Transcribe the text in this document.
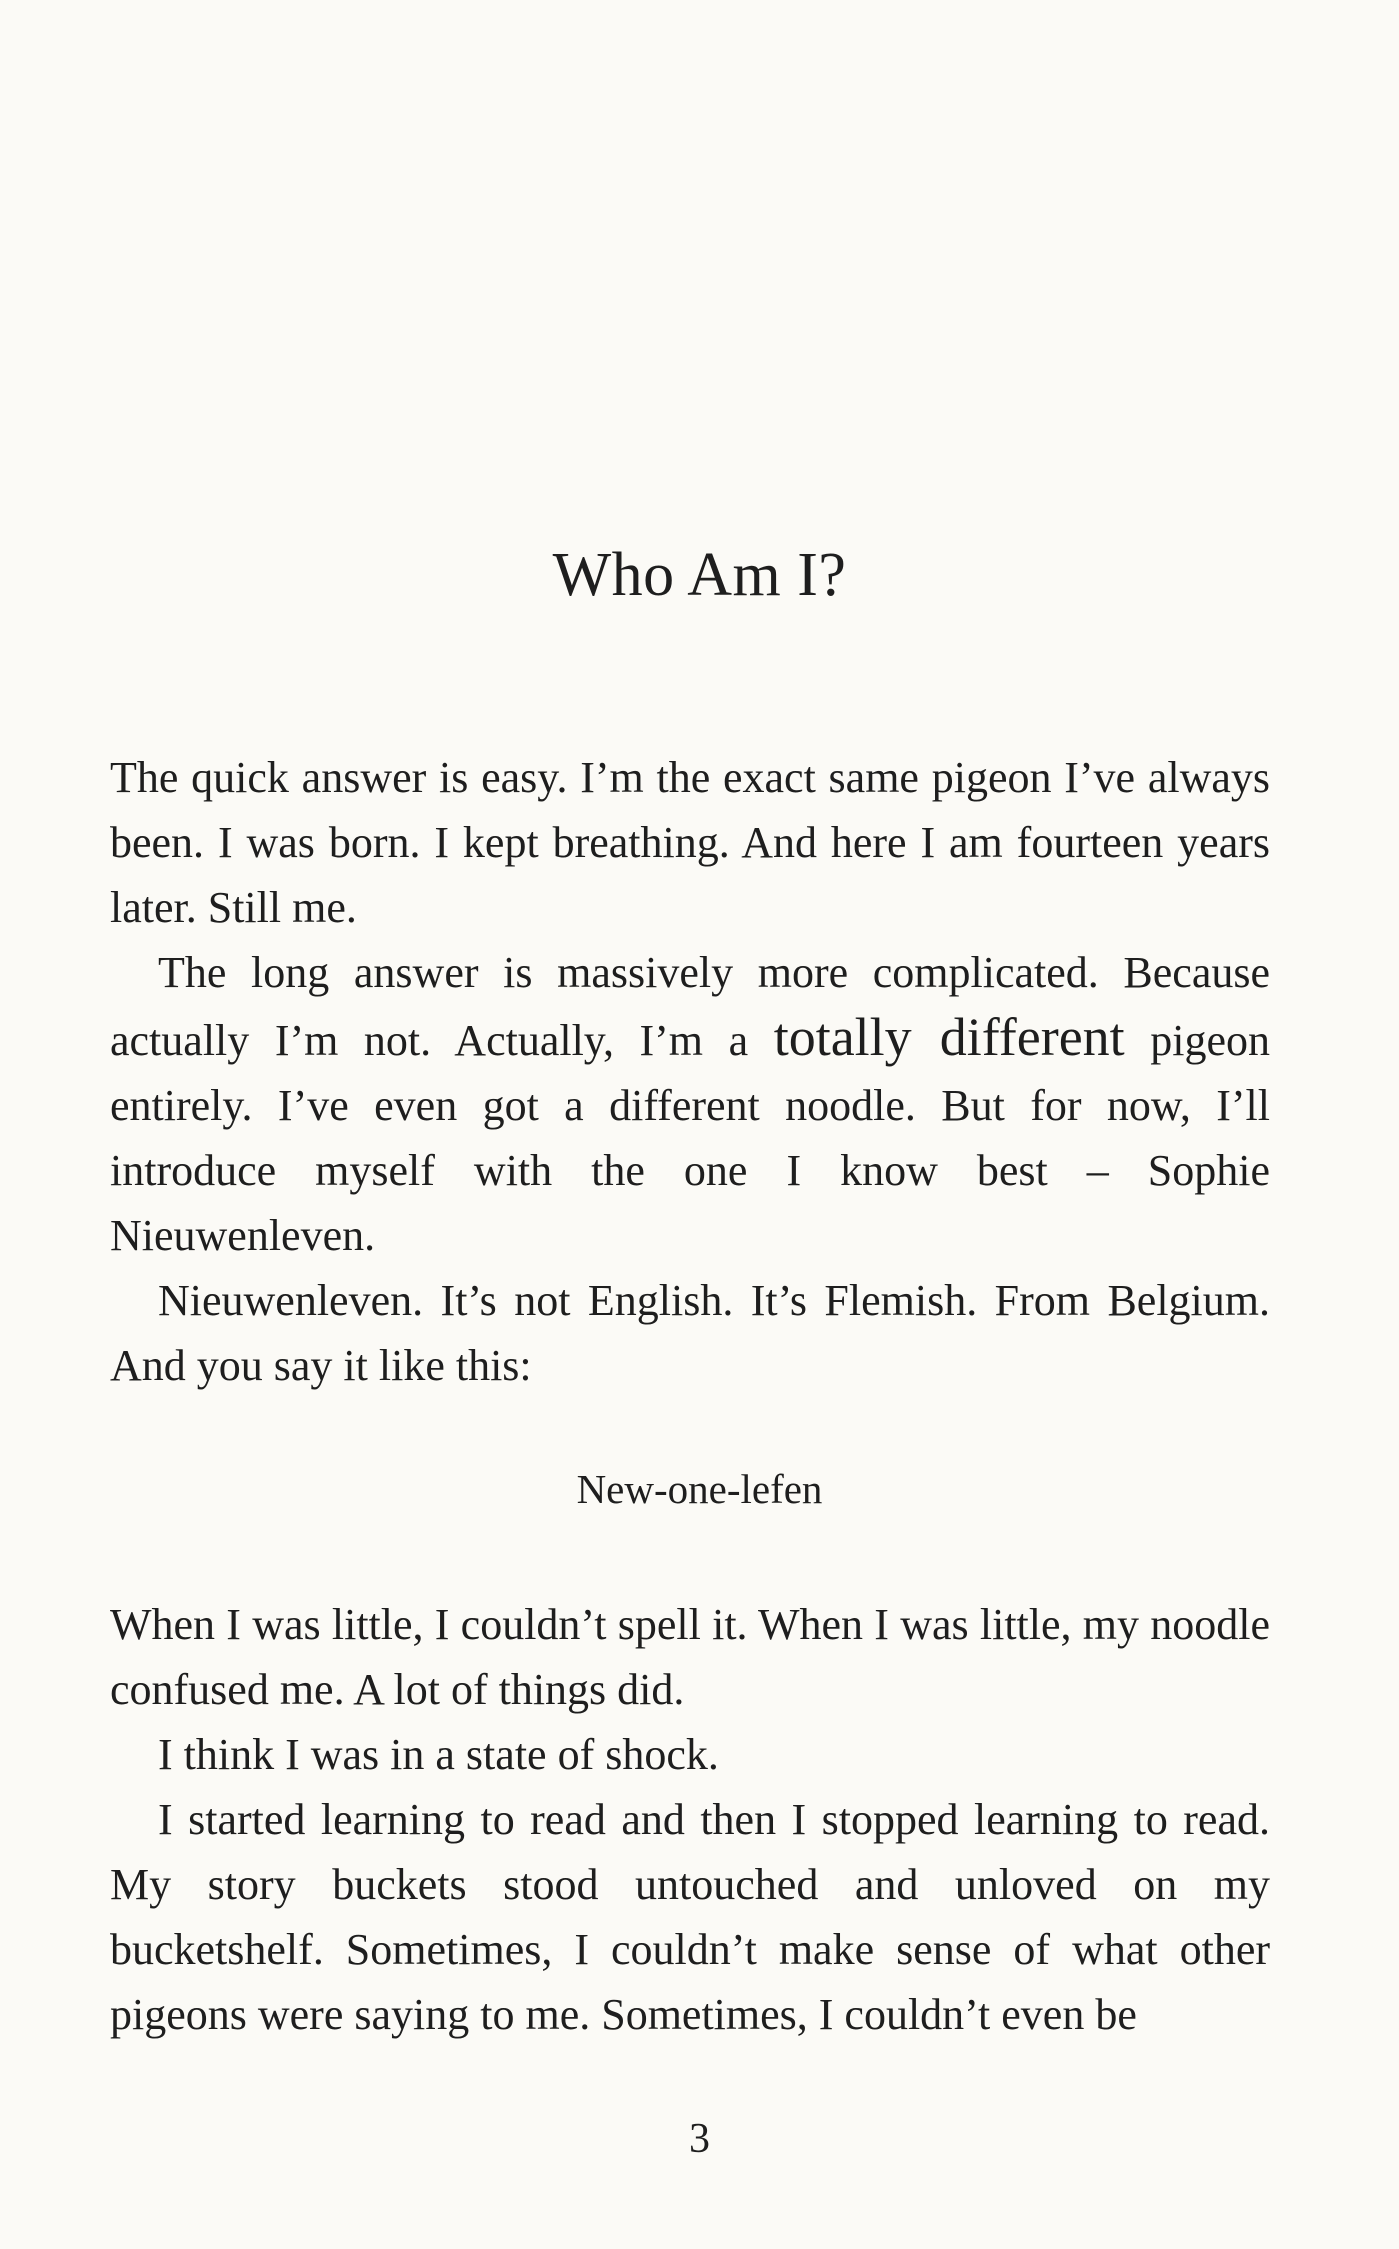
Who Am I?

The quick answer is easy. I’m the exact same pigeon I’ve always been. I was born. I kept breathing. And here I am fourteen years later. Still me.

The long answer is massively more complicated. Because actually I’m not. Actually, I’m a totally different pigeon entirely. I’ve even got a different noodle. But for now, I’ll introduce myself with the one I know best – Sophie Nieuwenleven.

Nieuwenleven. It’s not English. It’s Flemish. From Belgium. And you say it like this:

New-one-lefen

When I was little, I couldn’t spell it. When I was little, my noodle confused me. A lot of things did.

I think I was in a state of shock.

I started learning to read and then I stopped learning to read. My story buckets stood untouched and unloved on my bucketshelf. Sometimes, I couldn’t make sense of what other pigeons were saying to me. Sometimes, I couldn’t even be

3
